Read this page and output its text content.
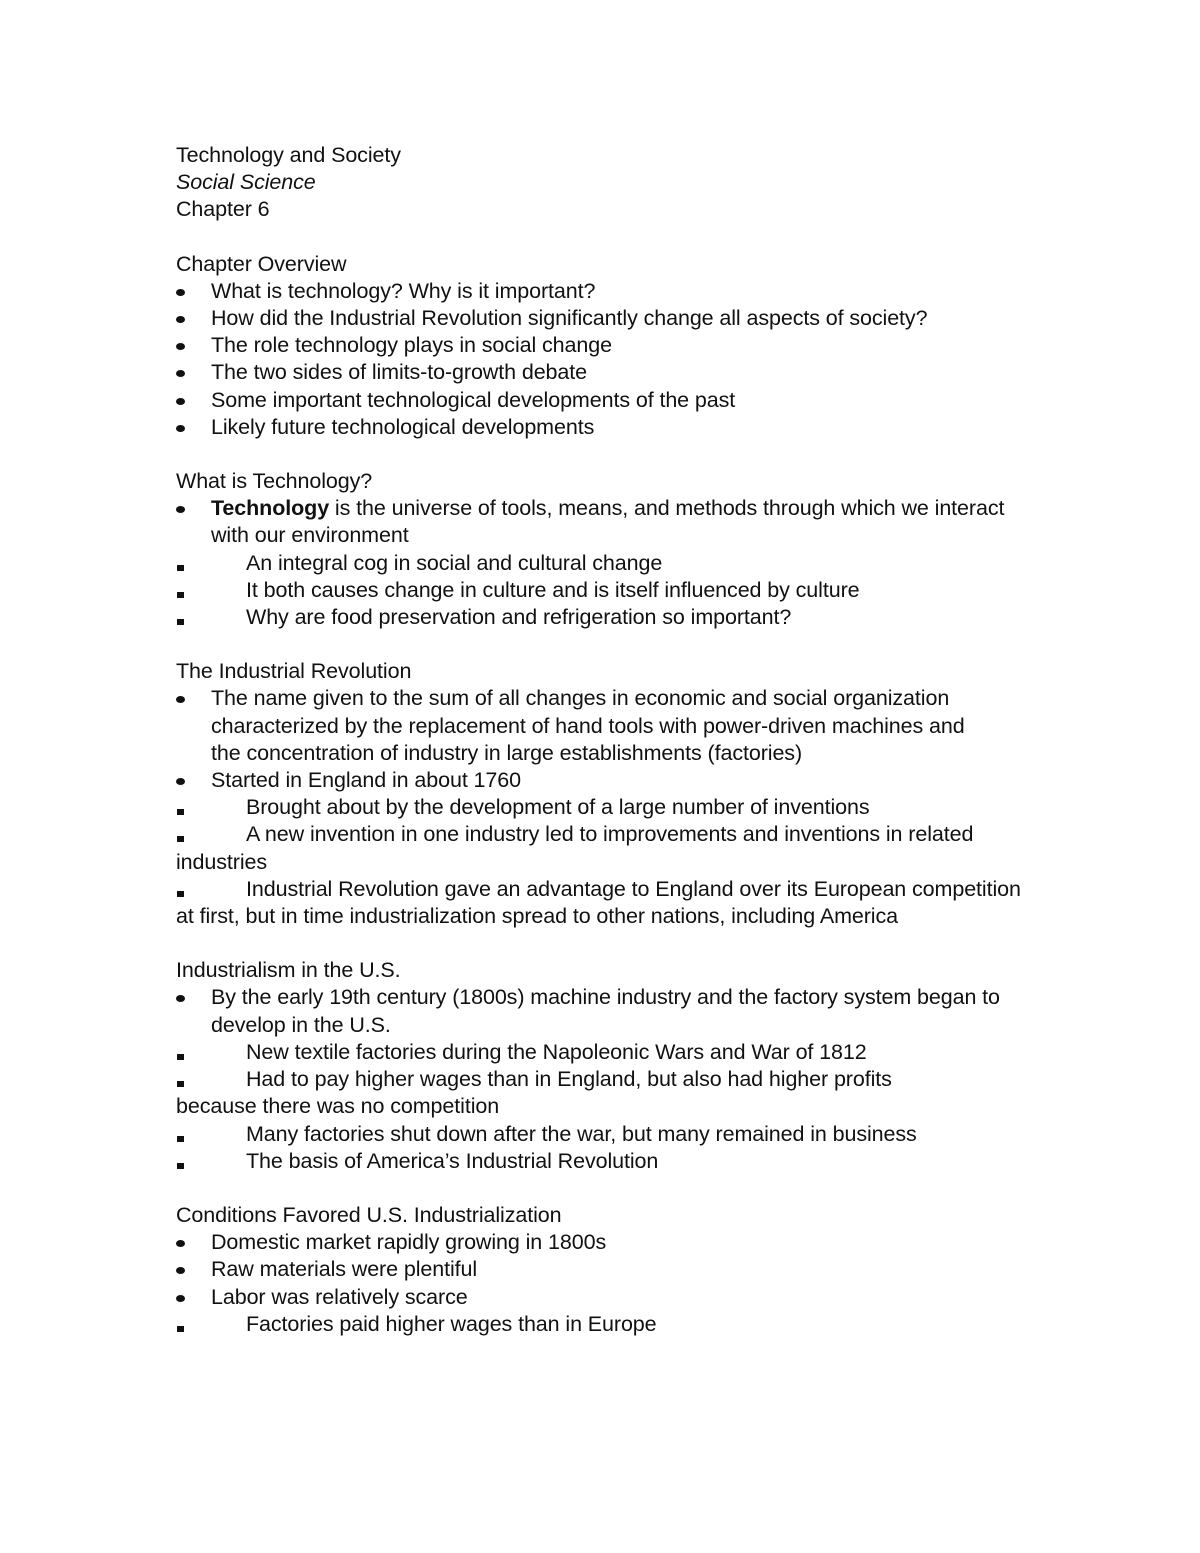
Technology and Society
Social Science
Chapter 6
Chapter Overview
What is technology? Why is it important?
How did the Industrial Revolution significantly change all aspects of society?
The role technology plays in social change
The two sides of limits-to-growth debate
Some important technological developments of the past
Likely future technological developments
What is Technology?
Technology is the universe of tools, means, and methods through which we interact with our environment
An integral cog in social and cultural change
It both causes change in culture and is itself influenced by culture
Why are food preservation and refrigeration so important?
The Industrial Revolution
The name given to the sum of all changes in economic and social organization characterized by the replacement of hand tools with power-driven machines and the concentration of industry in large establishments (factories)
Started in England in about 1760
Brought about by the development of a large number of inventions
A new invention in one industry led to improvements and inventions in related industries
Industrial Revolution gave an advantage to England over its European competition at first, but in time industrialization spread to other nations, including America
Industrialism in the U.S.
By the early 19th century (1800s) machine industry and the factory system began to develop in the U.S.
New textile factories during the Napoleonic Wars and War of 1812
Had to pay higher wages than in England, but also had higher profits because there was no competition
Many factories shut down after the war, but many remained in business
The basis of America’s Industrial Revolution
Conditions Favored U.S. Industrialization
Domestic market rapidly growing in 1800s
Raw materials were plentiful
Labor was relatively scarce
Factories paid higher wages than in Europe
